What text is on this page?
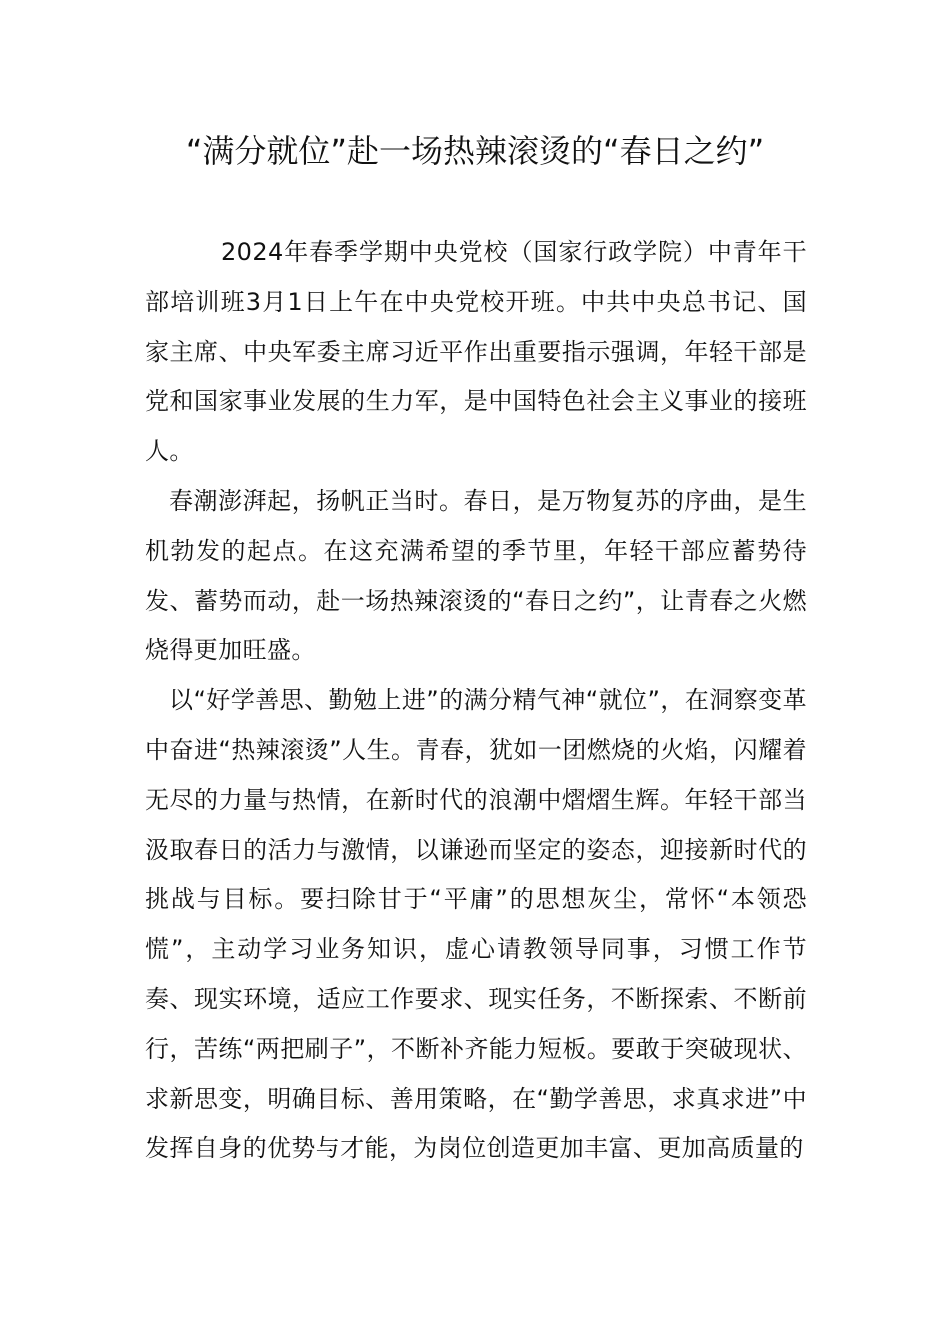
“满分就位”赴一场热辣滚烫的“春日之约”

2024年春季学期中央党校（国家行政学院）中青年干部培训班3月1日上午在中央党校开班。中共中央总书记、国家主席、中央军委主席习近平作出重要指示强调，年轻干部是党和国家事业发展的生力军，是中国特色社会主义事业的接班人。

春潮澎湃起，扬帆正当时。春日，是万物复苏的序曲，是生机勃发的起点。在这充满希望的季节里，年轻干部应蓄势待发、蓄势而动，赴一场热辣滚烫的“春日之约”，让青春之火燃烧得更加旺盛。

以“好学善思、勤勉上进”的满分精气神“就位”，在洞察变革中奋进“热辣滚烫”人生。青春，犹如一团燃烧的火焰，闪耀着无尽的力量与热情，在新时代的浪潮中熠熠生辉。年轻干部当汲取春日的活力与激情，以谦逊而坚定的姿态，迎接新时代的挑战与目标。要扫除甘于“平庸”的思想灰尘，常怀“本领恐慌”，主动学习业务知识，虚心请教领导同事，习惯工作节奏、现实环境，适应工作要求、现实任务，不断探索、不断前行，苦练“两把刷子”，不断补齐能力短板。要敢于突破现状、求新思变，明确目标、善用策略，在“勤学善思，求真求进”中发挥自身的优势与才能，为岗位创造更加丰富、更加高质量的
